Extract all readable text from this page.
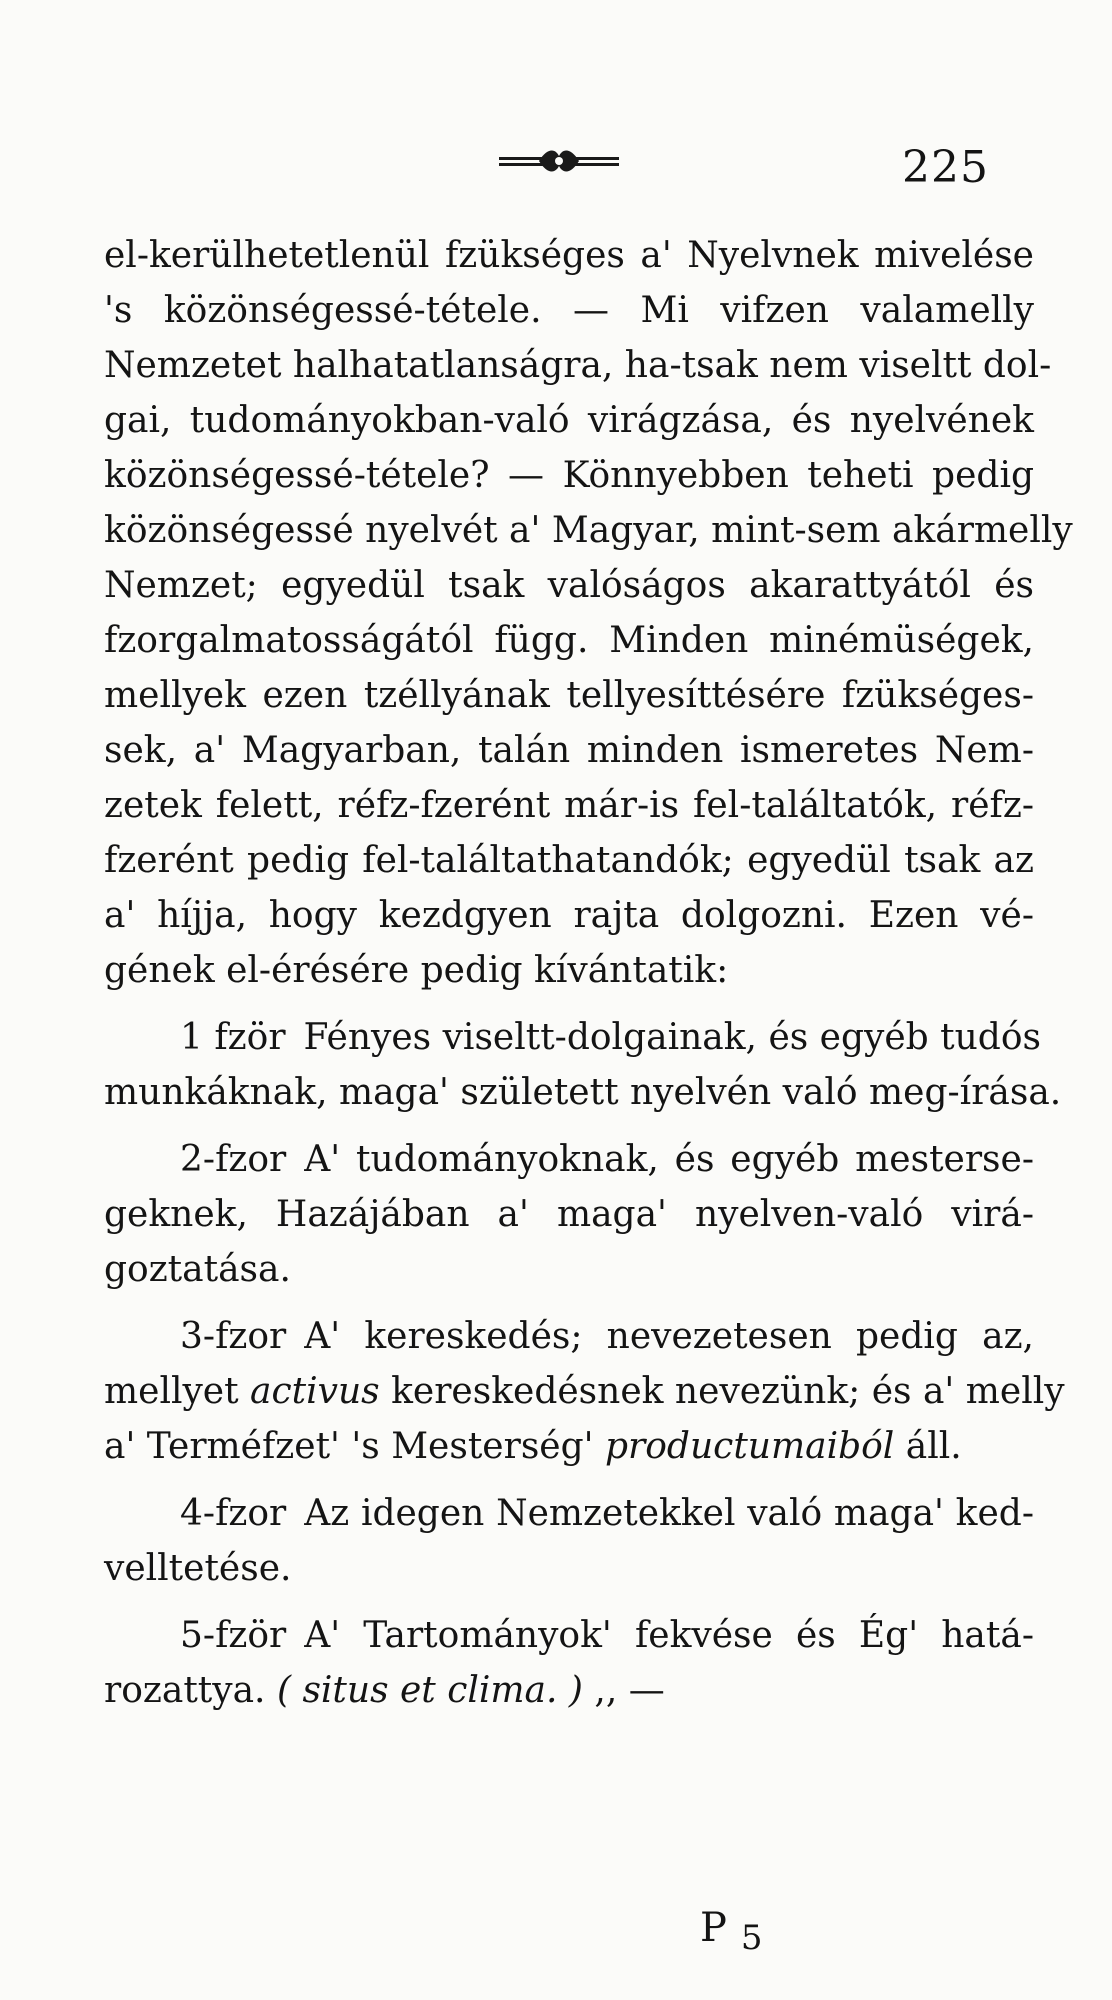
225
el-kerülhetetlenül fzükséges a' Nyelvnek mivelése
's közönségessé-tétele. — Mi vifzen valamelly
Nemzetet halhatatlanságra, ha-tsak nem viseltt dol-
gai, tudományokban-való virágzása, és nyelvének
közönségessé-tétele? — Könnyebben teheti pedig
közönségessé nyelvét a' Magyar, mint-sem akármelly
Nemzet; egyedül tsak valóságos akarattyától és
fzorgalmatosságától függ. Minden minémüségek,
mellyek ezen tzéllyának tellyesíttésére fzükséges-
sek, a' Magyarban, talán minden ismeretes Nem-
zetek felett, réfz-fzerént már-is fel-találtatók, réfz-
fzerént pedig fel-találtathatandók; egyedül tsak az
a' híjja, hogy kezdgyen rajta dolgozni. Ezen vé-
gének el-érésére pedig kívántatik:
1 fzör Fényes viseltt-dolgainak, és egyéb tudós
munkáknak, maga' született nyelvén való meg-írása.
2-fzor A' tudományoknak, és egyéb mesterse-
geknek, Hazájában a' maga' nyelven-való virá-
goztatása.
3-fzor A' kereskedés; nevezetesen pedig az,
mellyet activus kereskedésnek nevezünk; és a' melly
a' Terméfzet' 's Mesterség' productumaiból áll.
4-fzor Az idegen Nemzetekkel való maga' ked-
velltetése.
5-fzör A' Tartományok' fekvése és Ég' hatá-
rozattya. ( situs et clima. ) ,, —
P $_5$
